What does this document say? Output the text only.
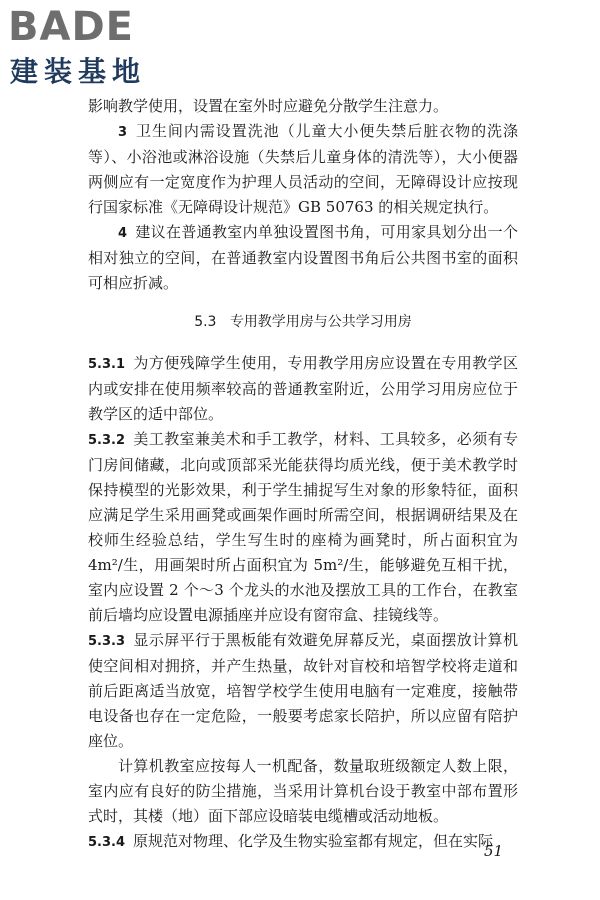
BADE
建装基地

影响教学使用，设置在室外时应避免分散学生注意力。

3 卫生间内需设置洗池（儿童大小便失禁后脏衣物的洗涤等）、小浴池或淋浴设施（失禁后儿童身体的清洗等），大小便器两侧应有一定宽度作为护理人员活动的空间，无障碍设计应按现行国家标准《无障碍设计规范》GB 50763 的相关规定执行。

4 建议在普通教室内单独设置图书角，可用家具划分出一个相对独立的空间，在普通教室内设置图书角后公共图书室的面积可相应折减。

5.3 专用教学用房与公共学习用房

5.3.1 为方便残障学生使用，专用教学用房应设置在专用教学区内或安排在使用频率较高的普通教室附近，公用学习用房应位于教学区的适中部位。

5.3.2 美工教室兼美术和手工教学，材料、工具较多，必须有专门房间储藏，北向或顶部采光能获得均质光线，便于美术教学时保持模型的光影效果，利于学生捕捉写生对象的形象特征，面积应满足学生采用画凳或画架作画时所需空间，根据调研结果及在校师生经验总结，学生写生时的座椅为画凳时，所占面积宜为4m²/生，用画架时所占面积宜为 5m²/生，能够避免互相干扰，室内应设置 2 个～3 个龙头的水池及摆放工具的工作台，在教室前后墙均应设置电源插座并应设有窗帘盒、挂镜线等。

5.3.3 显示屏平行于黑板能有效避免屏幕反光，桌面摆放计算机使空间相对拥挤，并产生热量，故针对盲校和培智学校将走道和前后距离适当放宽，培智学校学生使用电脑有一定难度，接触带电设备也存在一定危险，一般要考虑家长陪护，所以应留有陪护座位。

计算机教室应按每人一机配备，数量取班级额定人数上限，室内应有良好的防尘措施，当采用计算机台设于教室中部布置形式时，其楼（地）面下部应设暗装电缆槽或活动地板。

5.3.4 原规范对物理、化学及生物实验室都有规定，但在实际

51
